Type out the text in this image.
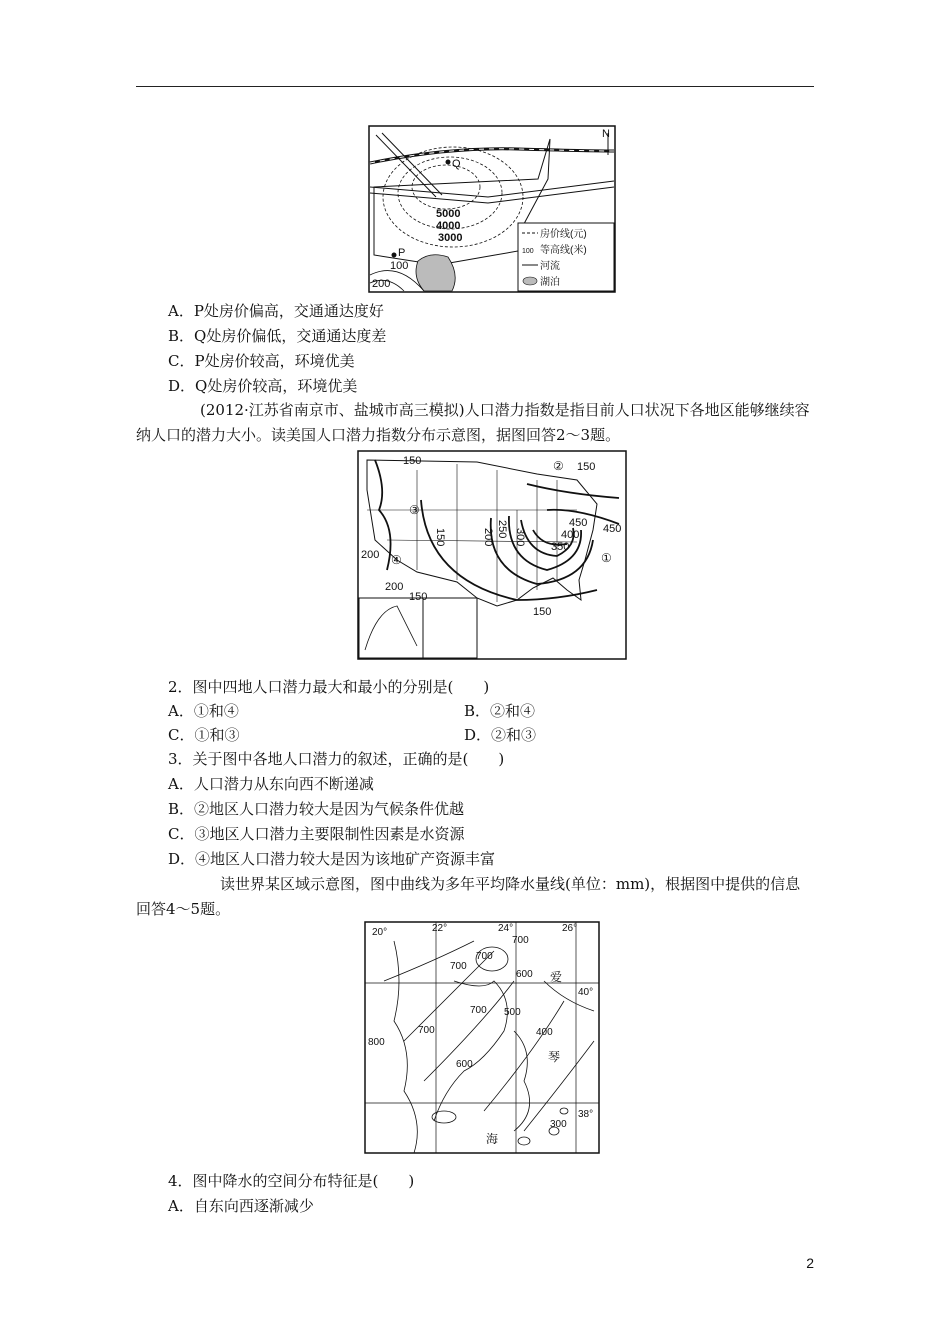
N
Q
P
5000
4000
3000
100
200
房价线(元)
100 等高线(米)
河流
湖泊
A．P处房价偏高，交通通达度好
B．Q处房价偏低，交通通达度差
C．P处房价较高，环境优美
D．Q处房价较高，环境优美
(2012·江苏省南京市、盐城市高三模拟)人口潜力指数是指目前人口状况下各地区能够继续容纳人口的潜力大小。读美国人口潜力指数分布示意图，据图回答2～3题。
150	150
150
150
150
200
200
200 250 300
350
400
450 450
①
②
③
④
2．图中四地人口潜力最大和最小的分别是(　　)
A．①和④	B．②和④
C．①和③	D．②和③
3．关于图中各地人口潜力的叙述，正确的是(　　)
A．人口潜力从东向西不断递减
B．②地区人口潜力较大是因为气候条件优越
C．③地区人口潜力主要限制性因素是水资源
D．④地区人口潜力较大是因为该地矿产资源丰富
读世界某区域示意图，图中曲线为多年平均降水量线(单位：mm)，根据图中提供的信息回答4～5题。
20°	22°	24°	26°
40°
38°
700
700
700
600
700
700
500
400
800
600
300
爱
琴
海
4．图中降水的空间分布特征是(　　)
A．自东向西逐渐减少
2
